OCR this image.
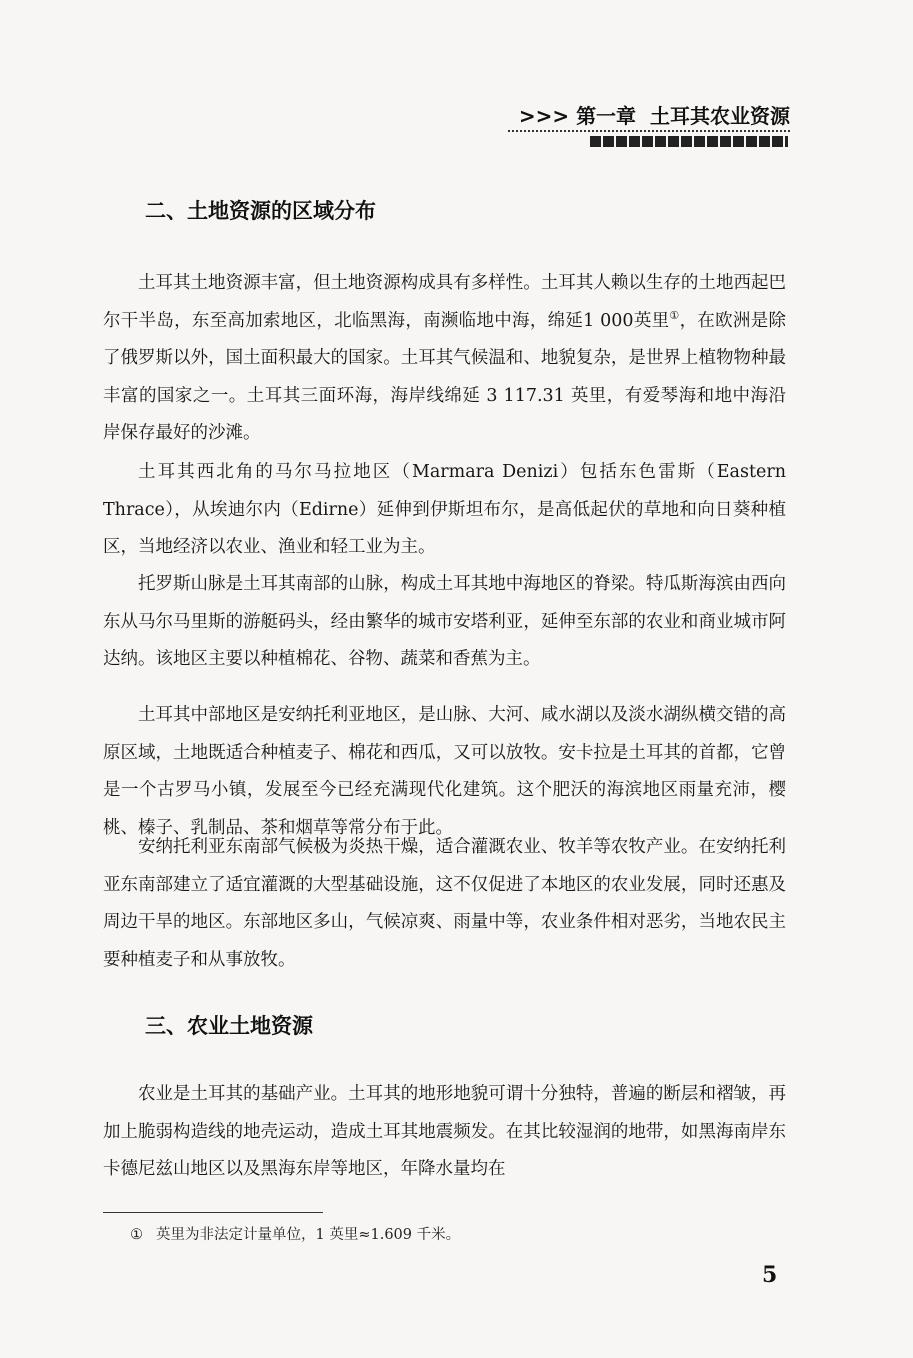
>>> 第一章 土耳其农业资源
二、土地资源的区域分布

土耳其土地资源丰富，但土地资源构成具有多样性。土耳其人赖以生存的土地西起巴尔干半岛，东至高加索地区，北临黑海，南濒临地中海，绵延1 000英里①，在欧洲是除了俄罗斯以外，国土面积最大的国家。土耳其气候温和、地貌复杂，是世界上植物物种最丰富的国家之一。土耳其三面环海，海岸线绵延 3 117.31 英里，有爱琴海和地中海沿岸保存最好的沙滩。

土耳其西北角的马尔马拉地区（Marmara Denizi）包括东色雷斯（Eastern Thrace），从埃迪尔内（Edirne）延伸到伊斯坦布尔，是高低起伏的草地和向日葵种植区，当地经济以农业、渔业和轻工业为主。

托罗斯山脉是土耳其南部的山脉，构成土耳其地中海地区的脊梁。特瓜斯海滨由西向东从马尔马里斯的游艇码头，经由繁华的城市安塔利亚，延伸至东部的农业和商业城市阿达纳。该地区主要以种植棉花、谷物、蔬菜和香蕉为主。

土耳其中部地区是安纳托利亚地区，是山脉、大河、咸水湖以及淡水湖纵横交错的高原区域，土地既适合种植麦子、棉花和西瓜，又可以放牧。安卡拉是土耳其的首都，它曾是一个古罗马小镇，发展至今已经充满现代化建筑。这个肥沃的海滨地区雨量充沛，樱桃、榛子、乳制品、茶和烟草等常分布于此。

安纳托利亚东南部气候极为炎热干燥，适合灌溉农业、牧羊等农牧产业。在安纳托利亚东南部建立了适宜灌溉的大型基础设施，这不仅促进了本地区的农业发展，同时还惠及周边干旱的地区。东部地区多山，气候凉爽、雨量中等，农业条件相对恶劣，当地农民主要种植麦子和从事放牧。

三、农业土地资源

农业是土耳其的基础产业。土耳其的地形地貌可谓十分独特，普遍的断层和褶皱，再加上脆弱构造线的地壳运动，造成土耳其地震频发。在其比较湿润的地带，如黑海南岸东卡德尼兹山地区以及黑海东岸等地区，年降水量均在

① 英里为非法定计量单位，1 英里≈1.609 千米。
5
